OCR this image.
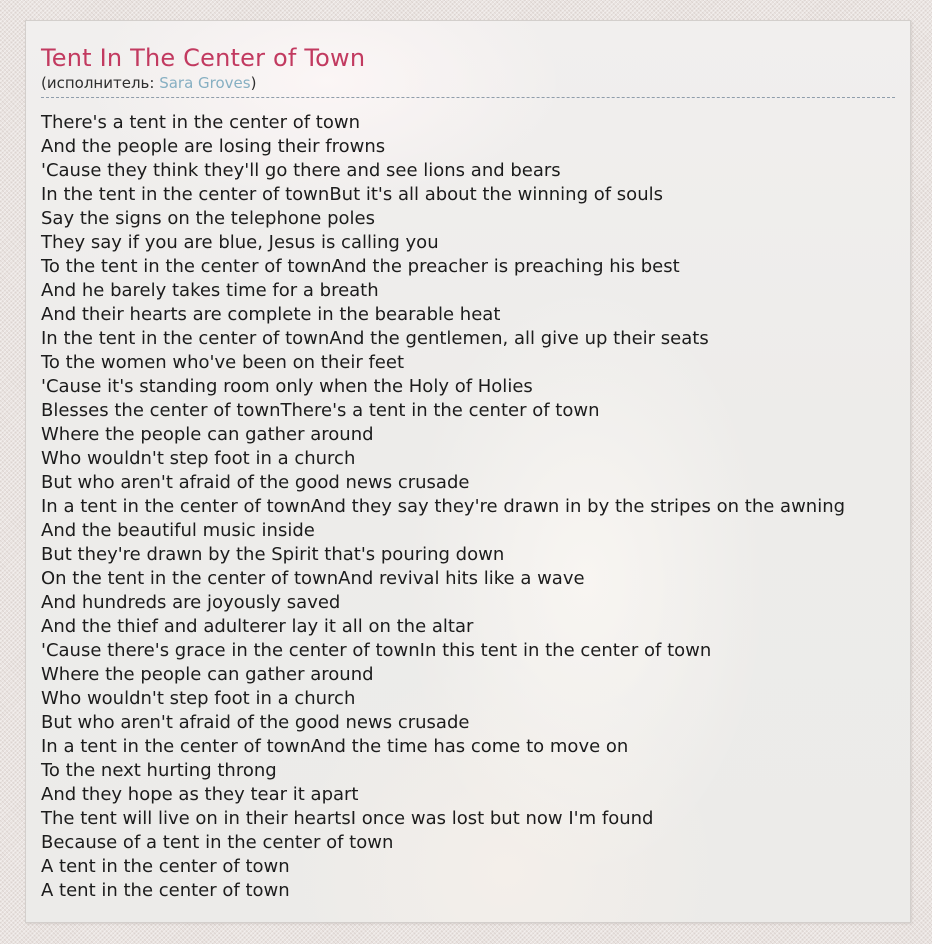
Tent In The Center of Town
(исполнитель: Sara Groves)
There's a tent in the center of town
And the people are losing their frowns
'Cause they think they'll go there and see lions and bears
In the tent in the center of townBut it's all about the winning of souls
Say the signs on the telephone poles
They say if you are blue, Jesus is calling you
To the tent in the center of townAnd the preacher is preaching his best
And he barely takes time for a breath
And their hearts are complete in the bearable heat
In the tent in the center of townAnd the gentlemen, all give up their seats
To the women who've been on their feet
'Cause it's standing room only when the Holy of Holies
Blesses the center of townThere's a tent in the center of town
Where the people can gather around
Who wouldn't step foot in a church
But who aren't afraid of the good news crusade
In a tent in the center of townAnd they say they're drawn in by the stripes on the awning
And the beautiful music inside
But they're drawn by the Spirit that's pouring down
On the tent in the center of townAnd revival hits like a wave
And hundreds are joyously saved
And the thief and adulterer lay it all on the altar
'Cause there's grace in the center of townIn this tent in the center of town
Where the people can gather around
Who wouldn't step foot in a church
But who aren't afraid of the good news crusade
In a tent in the center of townAnd the time has come to move on
To the next hurting throng
And they hope as they tear it apart
The tent will live on in their heartsI once was lost but now I'm found
Because of a tent in the center of town
A tent in the center of town
A tent in the center of town
